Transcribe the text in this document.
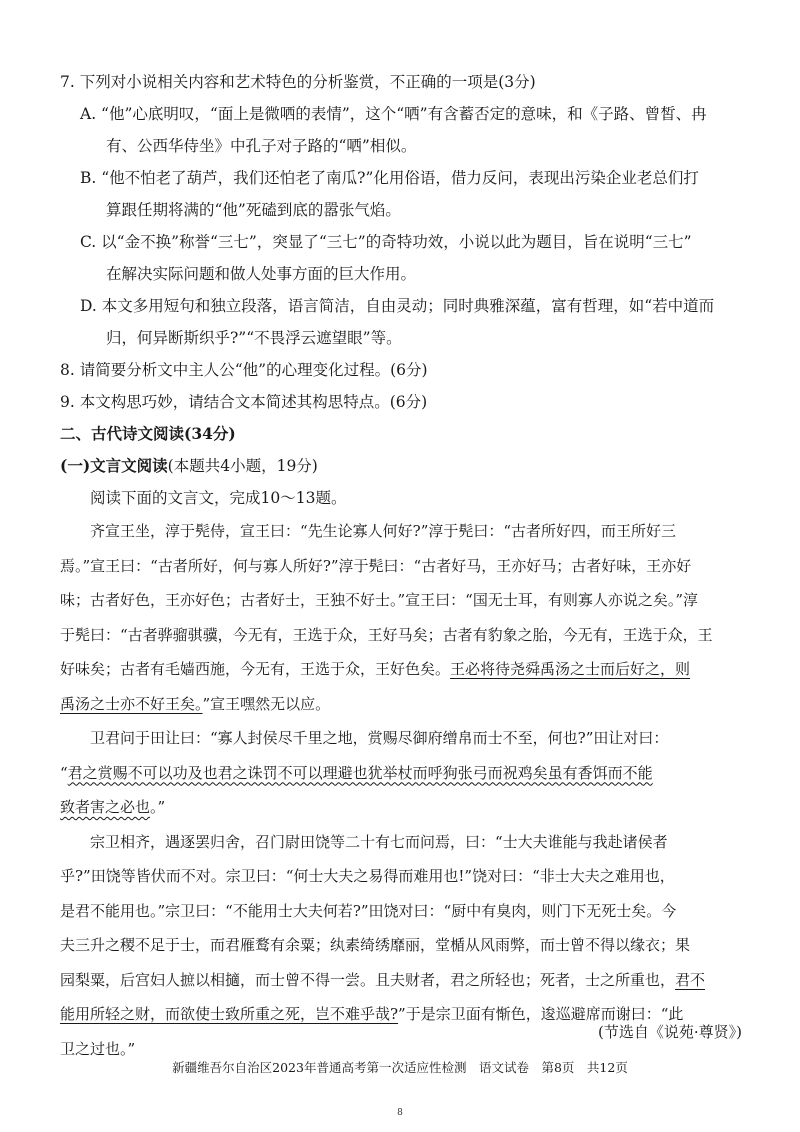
7. 下列对小说相关内容和艺术特色的分析鉴赏，不正确的一项是(3分)

A. “他”心底明叹，“面上是微哂的表情”，这个“哂”有含蓄否定的意味，和《子路、曾皙、冉

有、公西华侍坐》中孔子对子路的“哂”相似。

B. “他不怕老了葫芦，我们还怕老了南瓜?”化用俗语，借力反问，表现出污染企业老总们打

算跟任期将满的“他”死磕到底的嚣张气焰。

C. 以“金不换”称誉“三七”，突显了“三七”的奇特功效，小说以此为题目，旨在说明“三七”

在解决实际问题和做人处事方面的巨大作用。

D. 本文多用短句和独立段落，语言简洁，自由灵动；同时典雅深蕴，富有哲理，如“若中道而

归，何异断斯织乎?”“不畏浮云遮望眼”等。

8. 请简要分析文中主人公“他”的心理变化过程。(6分)

9. 本文构思巧妙，请结合文本简述其构思特点。(6分)

二、古代诗文阅读(34分)

(一)文言文阅读(本题共4小题，19分)

阅读下面的文言文，完成10～13题。

齐宣王坐，淳于髡侍，宣王曰：“先生论寡人何好?”淳于髡曰：“古者所好四，而王所好三

焉。”宣王曰：“古者所好，何与寡人所好?”淳于髡曰：“古者好马，王亦好马；古者好味，王亦好

味；古者好色，王亦好色；古者好士，王独不好士。”宣王曰：“国无士耳，有则寡人亦说之矣。”淳

于髡曰：“古者骅骝骐骥，今无有，王选于众，王好马矣；古者有豹象之胎，今无有，王选于众，王

好味矣；古者有毛嫱西施，今无有，王选于众，王好色矣。王必将待尧舜禹汤之士而后好之，则

禹汤之士亦不好王矣。”宣王嘿然无以应。

卫君问于田让曰：“寡人封侯尽千里之地，赏赐尽御府缯帛而士不至，何也?”田让对曰：

“君之赏赐不可以功及也君之诛罚不可以理避也犹举杖而呼狗张弓而祝鸡矣虽有香饵而不能

致者害之必也。”

宗卫相齐，遇逐罢归舍，召门尉田饶等二十有七而问焉，曰：“士大夫谁能与我赴诸侯者

乎?”田饶等皆伏而不对。宗卫曰：“何士大夫之易得而难用也!”饶对曰：“非士大夫之难用也，

是君不能用也。”宗卫曰：“不能用士大夫何若?”田饶对曰：“厨中有臭肉，则门下无死士矣。今

夫三升之稷不足于士，而君雁鹜有余粟；纨素绮绣靡丽，堂楯从风雨弊，而士曾不得以缘衣；果

园梨粟，后宫妇人摭以相擿，而士曾不得一尝。且夫财者，君之所轻也；死者，士之所重也，君不

能用所轻之财，而欲使士致所重之死，岂不难乎哉?”于是宗卫面有惭色，逡巡避席而谢曰：“此

卫之过也。”

(节选自《说苑·尊贤》)

新疆维吾尔自治区2023年普通高考第一次适应性检测　语文试卷　第8页　共12页

8
